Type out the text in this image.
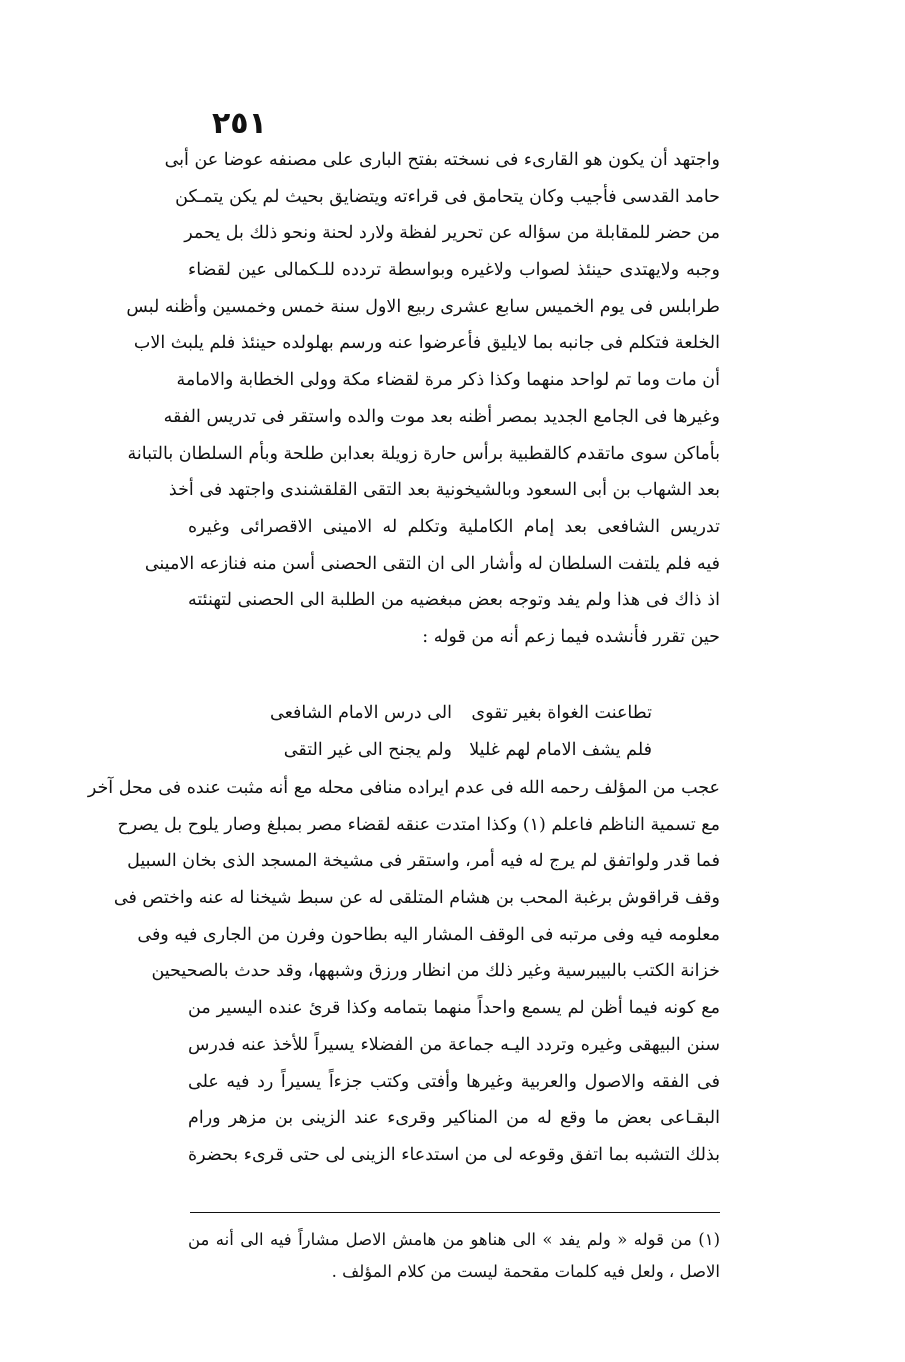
٢٥١
واجتهد أن يكون هو القارىء فى نسخته بفتح البارى على مصنفه عوضا عن أبى
حامد القدسى فأجيب وكان يتحامق فى قراءته ويتضايق بحيث لم يكن يتمـكن
من حضر للمقابلة من سؤاله عن تحرير لفظة ولارد لحنة ونحو ذلك بل يحمر
وجبه ولايهتدى حينئذ لصواب ولاغيره وبواسطة تردده للـكمالى عين لقضاء
طرابلس فى يوم الخميس سابع عشرى ربيع الاول سنة خمس وخمسين وأظنه لبس
الخلعة فتكلم فى جانبه بما لايليق فأعرضوا عنه ورسم بهلولده حينئذ فلم يلبث الاب
أن مات وما تم لواحد منهما وكذا ذكر مرة لقضاء مكة وولى الخطابة والامامة
وغيرها فى الجامع الجديد بمصر أظنه بعد موت والده واستقر فى تدريس الفقه
بأماكن سوى ماتقدم كالقطبية برأس حارة زويلة بعدابن طلحة وبأم السلطان بالتبانة
بعد الشهاب بن أبى السعود وبالشيخونية بعد التقى القلقشندى واجتهد فى أخذ
تدريس الشافعى بعد إمام الكاملية وتكلم له الامينى الاقصرائى وغيره
فيه فلم يلتفت السلطان له وأشار الى ان التقى الحصنى أسن منه فنازعه الامينى
اذ ذاك فى هذا ولم يفد وتوجه بعض مبغضيه من الطلبة الى الحصنى لتهنئته
حين تقرر فأنشده فيما زعم أنه من قوله :
تطاعنت الغواة بغير تقوى
الى درس الامام الشافعى
فلم يشف الامام لهم غليلا
ولم يجنح الى غير التقى
عجب من المؤلف رحمه الله فى عدم ايراده منافى محله مع أنه مثبت عنده فى محل آخر
مع تسمية الناظم فاعلم (١) وكذا امتدت عنقه لقضاء مصر بمبلغ وصار يلوح بل يصرح
فما قدر ولواتفق لم يرج له فيه أمر، واستقر فى مشيخة المسجد الذى بخان السبيل
وقف قراقوش برغبة المحب بن هشام المتلقى له عن سبط شيخنا له عنه واختص فى
معلومه فيه وفى مرتبه فى الوقف المشار اليه بطاحون وفرن من الجارى فيه وفى
خزانة الكتب بالبيبرسية وغير ذلك من انظار ورزق وشبهها، وقد حدث بالصحيحين
مع كونه فيما أظن لم يسمع واحداً منهما بتمامه وكذا قرئ عنده اليسير من
سنن البيهقى وغيره وتردد اليـه جماعة من الفضلاء يسيراً للأخذ عنه فدرس
فى الفقه والاصول والعربية وغيرها وأفتى وكتب جزءاً يسيراً رد فيه على
البقـاعى بعض ما وقع له من المناكير وقرىء عند الزينى بن مزهر ورام
بذلك التشبه بما اتفق وقوعه لى من استدعاء الزينى لى حتى قرىء بحضرة
(١) من قوله « ولم يفد » الى هناهو من هامش الاصل مشاراً فيه الى أنه من
الاصل ، ولعل فيه كلمات مقحمة ليست من كلام المؤلف .
